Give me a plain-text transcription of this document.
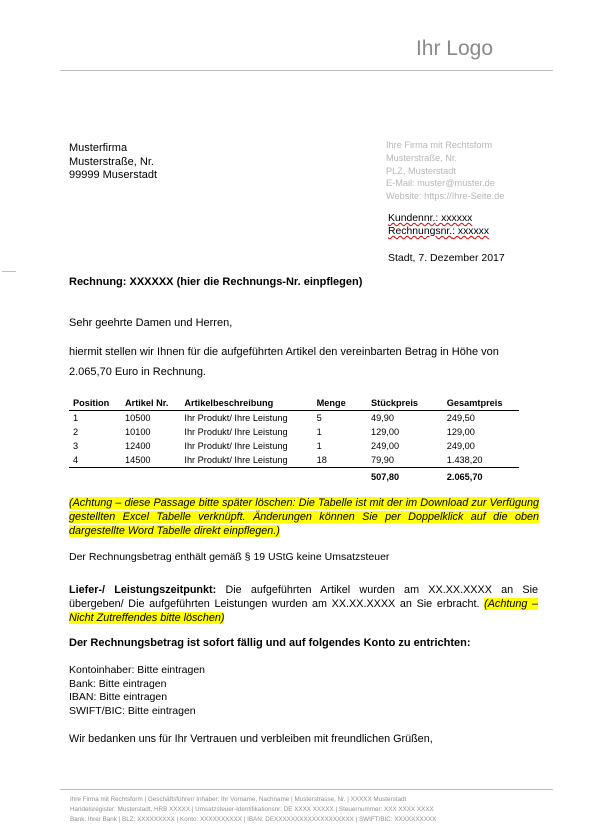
Ihr Logo
Musterfirma
Musterstraße, Nr.
99999 Muserstadt
Ihre Firma mit Rechtsform
Musterstraße, Nr.
PLZ, Musterstadt
E-Mail: muster@muster.de
Website: https://Ihre-Seite.de
Kundennr.: xxxxxx
Rechnungsnr.: xxxxxx
Stadt, 7. Dezember 2017
Rechnung: XXXXXX (hier die Rechnungs-Nr. einpflegen)
Sehr geehrte Damen und Herren,
hiermit stellen wir Ihnen für die aufgeführten Artikel den vereinbarten Betrag in Höhe von 2.065,70 Euro in Rechnung.
Position	Artikel Nr.	Artikelbeschreibung	Menge	Stückpreis	Gesamtpreis
1	10500	Ihr Produkt/ Ihre Leistung	5	49,90	249,50
2	10100	Ihr Produkt/ Ihre Leistung	1	129,00	129,00
3	12400	Ihr Produkt/ Ihre Leistung	1	249,00	249,00
4	14500	Ihr Produkt/ Ihre Leistung	18	79,90	1.438,20
				507,80	2.065,70
(Achtung – diese Passage bitte später löschen: Die Tabelle ist mit der im Download zur Verfügung gestellten Excel Tabelle verknüpft. Änderungen können Sie per Doppelklick auf die oben dargestellte Word Tabelle direkt einpflegen.)
Der Rechnungsbetrag enthält gemäß § 19 UStG keine Umsatzsteuer
Liefer-/ Leistungszeitpunkt: Die aufgeführten Artikel wurden am XX.XX.XXXX an Sie übergeben/ Die aufgeführten Leistungen wurden am XX.XX.XXXX an Sie erbracht. (Achtung – Nicht Zutreffendes bitte löschen)
Der Rechnungsbetrag ist sofort fällig und auf folgendes Konto zu entrichten:
Kontoinhaber: Bitte eintragen
Bank: Bitte eintragen
IBAN: Bitte eintragen
SWIFT/BIC: Bitte eintragen
Wir bedanken uns für Ihr Vertrauen und verbleiben mit freundlichen Grüßen,
Ihre Firma mit Rechtsform | Geschäftsführer/ Inhaber: Ihr Vorname, Nachname | Musterstrasse, Nr. | XXXXX Musterstadt
Handelsregister: Musterstadt, HRB XXXXX | Umsatzsteuer-Identifikationsnr: DE XXXX XXXXX | Steuernummer: XXX XXXX XXXX
Bank: Ihrer Bank | BLZ: XXXXXXXXX | Konto: XXXXXXXXXX | IBAN: DEXXXXXXXXXXXXXXXXXXX | SWIFT/BIC: XXXXXXXXXX
